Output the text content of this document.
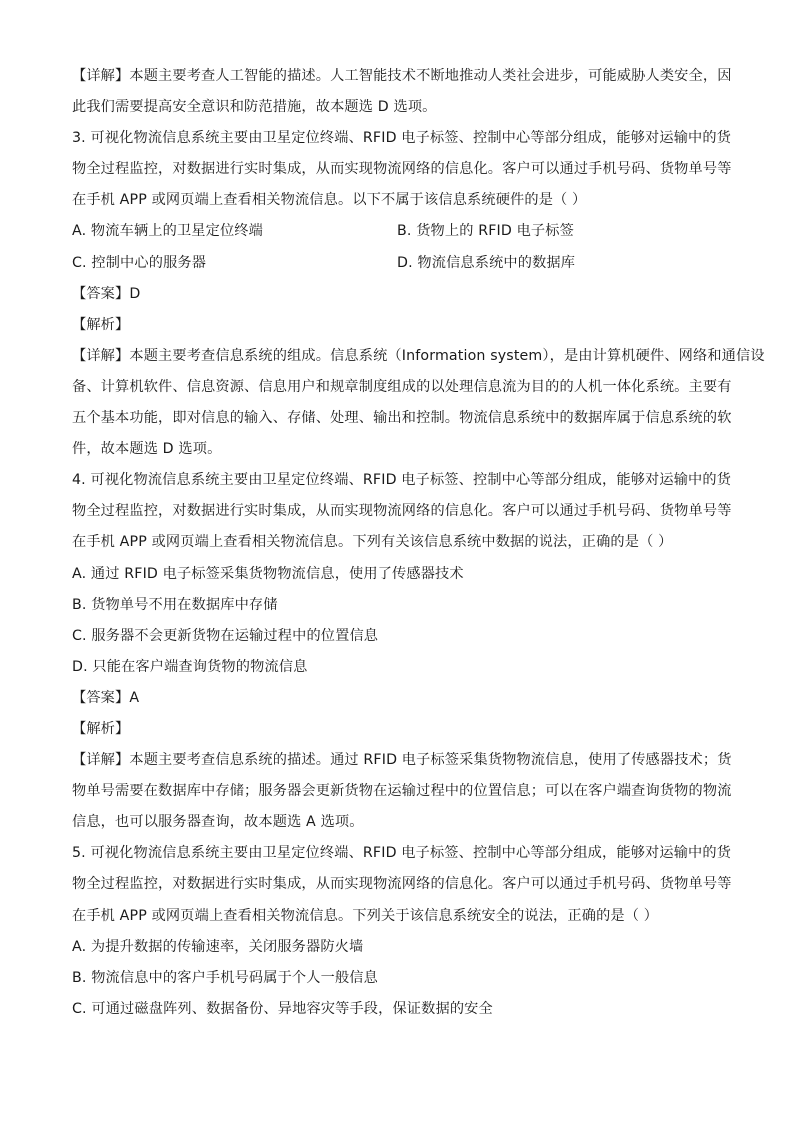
【详解】本题主要考查人工智能的描述。人工智能技术不断地推动人类社会进步，可能威胁人类安全，因
此我们需要提高安全意识和防范措施，故本题选 D 选项。
3. 可视化物流信息系统主要由卫星定位终端、RFID 电子标签、控制中心等部分组成，能够对运输中的货
物全过程监控，对数据进行实时集成，从而实现物流网络的信息化。客户可以通过手机号码、货物单号等
在手机 APP 或网页端上查看相关物流信息。以下不属于该信息系统硬件的是（ ）
A. 物流车辆上的卫星定位终端	B. 货物上的 RFID 电子标签
C. 控制中心的服务器	D. 物流信息系统中的数据库
【答案】D
【解析】
【详解】本题主要考查信息系统的组成。信息系统（Information system），是由计算机硬件、网络和通信设
备、计算机软件、信息资源、信息用户和规章制度组成的以处理信息流为目的的人机一体化系统。主要有
五个基本功能，即对信息的输入、存储、处理、输出和控制。物流信息系统中的数据库属于信息系统的软
件，故本题选 D 选项。
4. 可视化物流信息系统主要由卫星定位终端、RFID 电子标签、控制中心等部分组成，能够对运输中的货
物全过程监控，对数据进行实时集成，从而实现物流网络的信息化。客户可以通过手机号码、货物单号等
在手机 APP 或网页端上查看相关物流信息。下列有关该信息系统中数据的说法，正确的是（ ）
A. 通过 RFID 电子标签采集货物物流信息，使用了传感器技术
B. 货物单号不用在数据库中存储
C. 服务器不会更新货物在运输过程中的位置信息
D. 只能在客户端查询货物的物流信息
【答案】A
【解析】
【详解】本题主要考查信息系统的描述。通过 RFID 电子标签采集货物物流信息，使用了传感器技术；货
物单号需要在数据库中存储；服务器会更新货物在运输过程中的位置信息；可以在客户端查询货物的物流
信息，也可以服务器查询，故本题选 A 选项。
5. 可视化物流信息系统主要由卫星定位终端、RFID 电子标签、控制中心等部分组成，能够对运输中的货
物全过程监控，对数据进行实时集成，从而实现物流网络的信息化。客户可以通过手机号码、货物单号等
在手机 APP 或网页端上查看相关物流信息。下列关于该信息系统安全的说法，正确的是（ ）
A. 为提升数据的传输速率，关闭服务器防火墙
B. 物流信息中的客户手机号码属于个人一般信息
C. 可通过磁盘阵列、数据备份、异地容灾等手段，保证数据的安全
